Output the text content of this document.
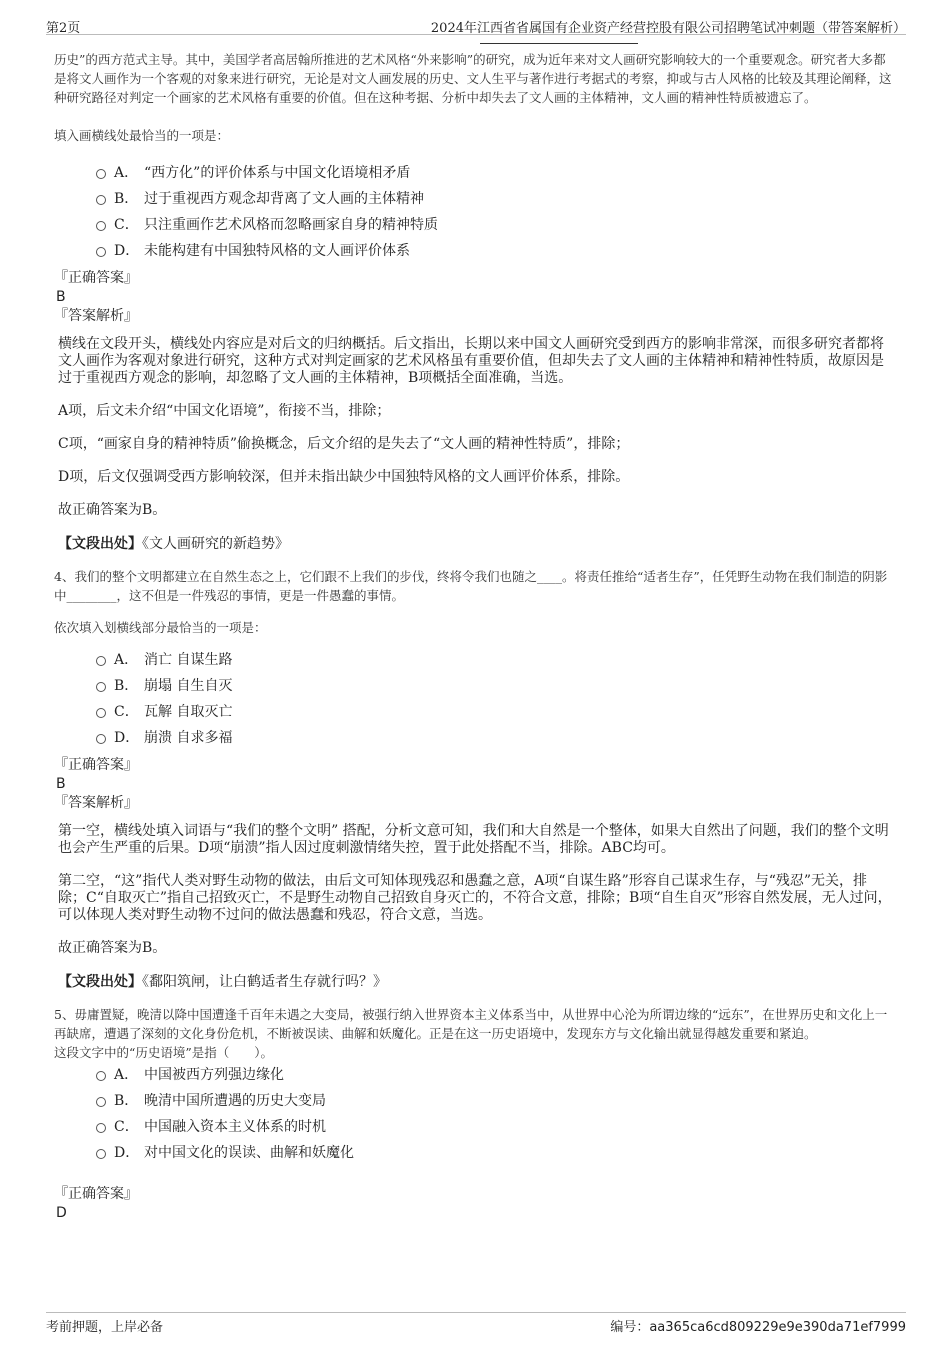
第2页	2024年江西省省属国有企业资产经营控股有限公司招聘笔试冲刺题（带答案解析）

历史”的西方范式主导。其中，美国学者高居翰所推进的艺术风格“外来影响”的研究，成为近年来对文人画研究影响较大的一个重要观念。研究者大多都是将文人画作为一个客观的对象来进行研究，无论是对文人画发展的历史、文人生平与著作进行考据式的考察，抑或与古人风格的比较及其理论阐释，这种研究路径对判定一个画家的艺术风格有重要的价值。但在这种考据、分析中却失去了文人画的主体精神，文人画的精神性特质被遗忘了。

填入画横线处最恰当的一项是：

A． “西方化”的评价体系与中国文化语境相矛盾
B． 过于重视西方观念却背离了文人画的主体精神
C． 只注重画作艺术风格而忽略画家自身的精神特质
D． 未能构建有中国独特风格的文人画评价体系

『正确答案』

B

『答案解析』

横线在文段开头，横线处内容应是对后文的归纳概括。后文指出，长期以来中国文人画研究受到西方的影响非常深，而很多研究者都将文人画作为客观对象进行研究，这种方式对判定画家的艺术风格虽有重要价值，但却失去了文人画的主体精神和精神性特质，故原因是过于重视西方观念的影响，却忽略了文人画的主体精神，B项概括全面准确，当选。

A项，后文未介绍“中国文化语境”，衔接不当，排除；

C项，“画家自身的精神特质”偷换概念，后文介绍的是失去了“文人画的精神性特质”，排除；

D项，后文仅强调受西方影响较深，但并未指出缺少中国独特风格的文人画评价体系，排除。

故正确答案为B。

【文段出处】《文人画研究的新趋势》

4、我们的整个文明都建立在自然生态之上，它们跟不上我们的步伐，终将令我们也随之____。将责任推给“适者生存”，任凭野生动物在我们制造的阴影中________，这不但是一件残忍的事情，更是一件愚蠢的事情。

依次填入划横线部分最恰当的一项是：

A． 消亡 自谋生路
B． 崩塌 自生自灭
C． 瓦解 自取灭亡
D． 崩溃 自求多福

『正确答案』

B

『答案解析』

第一空，横线处填入词语与“我们的整个文明” 搭配，分析文意可知，我们和大自然是一个整体，如果大自然出了问题，我们的整个文明也会产生严重的后果。D项“崩溃”指人因过度刺激情绪失控，置于此处搭配不当，排除。ABC均可。

第二空，“这”指代人类对野生动物的做法，由后文可知体现残忍和愚蠢之意，A项“自谋生路”形容自己谋求生存，与“残忍”无关，排除；C“自取灭亡”指自己招致灭亡，不是野生动物自己招致自身灭亡的，不符合文意，排除；B项“自生自灭”形容自然发展，无人过问，可以体现人类对野生动物不过问的做法愚蠢和残忍，符合文意，当选。

故正确答案为B。

【文段出处】《鄱阳筑闸，让白鹤适者生存就行吗？》

5、毋庸置疑，晚清以降中国遭逢千百年未遇之大变局，被强行纳入世界资本主义体系当中，从世界中心沦为所谓边缘的“远东”，在世界历史和文化上一再缺席，遭遇了深刻的文化身份危机，不断被误读、曲解和妖魔化。正是在这一历史语境中，发现东方与文化输出就显得越发重要和紧迫。

这段文字中的“历史语境”是指（　　）。

A． 中国被西方列强边缘化
B． 晚清中国所遭遇的历史大变局
C． 中国融入资本主义体系的时机
D． 对中国文化的误读、曲解和妖魔化

『正确答案』

D

考前押题，上岸必备	编号：aa365ca6cd809229e9e390da71ef7999
